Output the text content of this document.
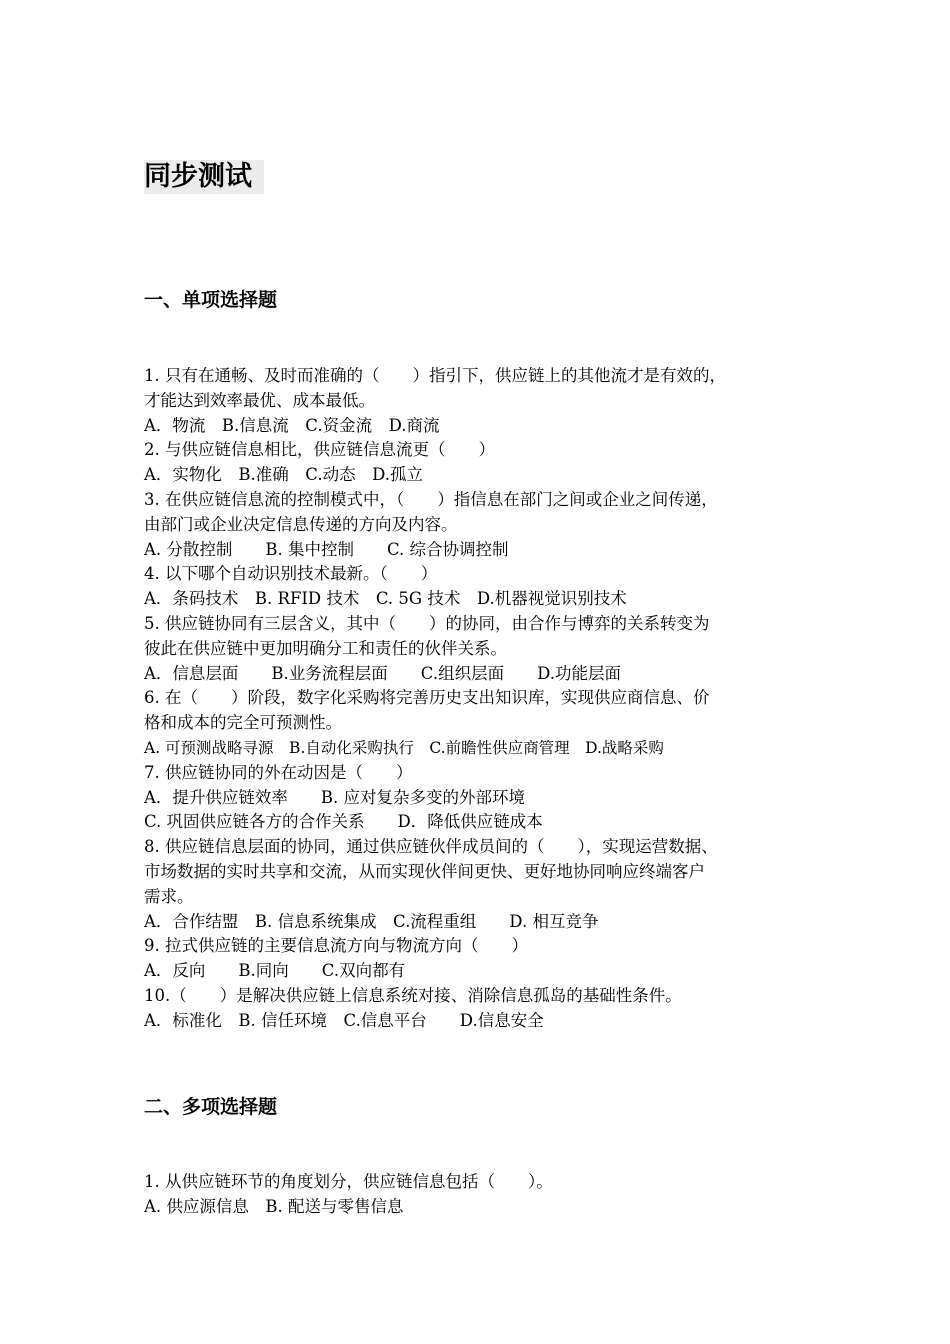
同步测试
一、单项选择题
1. 只有在通畅、及时而准确的（　　）指引下，供应链上的其他流才是有效的，
才能达到效率最优、成本最低。
A．物流　B.信息流　C.资金流　D.商流
2. 与供应链信息相比，供应链信息流更（　　）
A．实物化　B.准确　C.动态　D.孤立
3. 在供应链信息流的控制模式中，（　　）指信息在部门之间或企业之间传递，
由部门或企业决定信息传递的方向及内容。
A. 分散控制　　B. 集中控制　　C. 综合协调控制
4. 以下哪个自动识别技术最新。（　　）
A．条码技术　B. RFID 技术　C. 5G 技术　D.机器视觉识别技术
5. 供应链协同有三层含义，其中（　　）的协同，由合作与博弈的关系转变为
彼此在供应链中更加明确分工和责任的伙伴关系。
A．信息层面　　B.业务流程层面　　C.组织层面　　D.功能层面
6. 在（　　）阶段，数字化采购将完善历史支出知识库，实现供应商信息、价
格和成本的完全可预测性。
A. 可预测战略寻源　B.自动化采购执行　C.前瞻性供应商管理　D.战略采购
7. 供应链协同的外在动因是（　　）
A．提升供应链效率　　B. 应对复杂多变的外部环境
C. 巩固供应链各方的合作关系　　D．降低供应链成本
8. 供应链信息层面的协同，通过供应链伙伴成员间的（　　），实现运营数据、
市场数据的实时共享和交流，从而实现伙伴间更快、更好地协同响应终端客户
需求。
A．合作结盟　B. 信息系统集成　C.流程重组　　D. 相互竞争
9. 拉式供应链的主要信息流方向与物流方向（　　）
A．反向　　B.同向　　C.双向都有
10.（　　）是解决供应链上信息系统对接、消除信息孤岛的基础性条件。
A．标准化　B. 信任环境　C.信息平台　　D.信息安全
二、多项选择题
1. 从供应链环节的角度划分，供应链信息包括（　　）。
A. 供应源信息　B. 配送与零售信息
